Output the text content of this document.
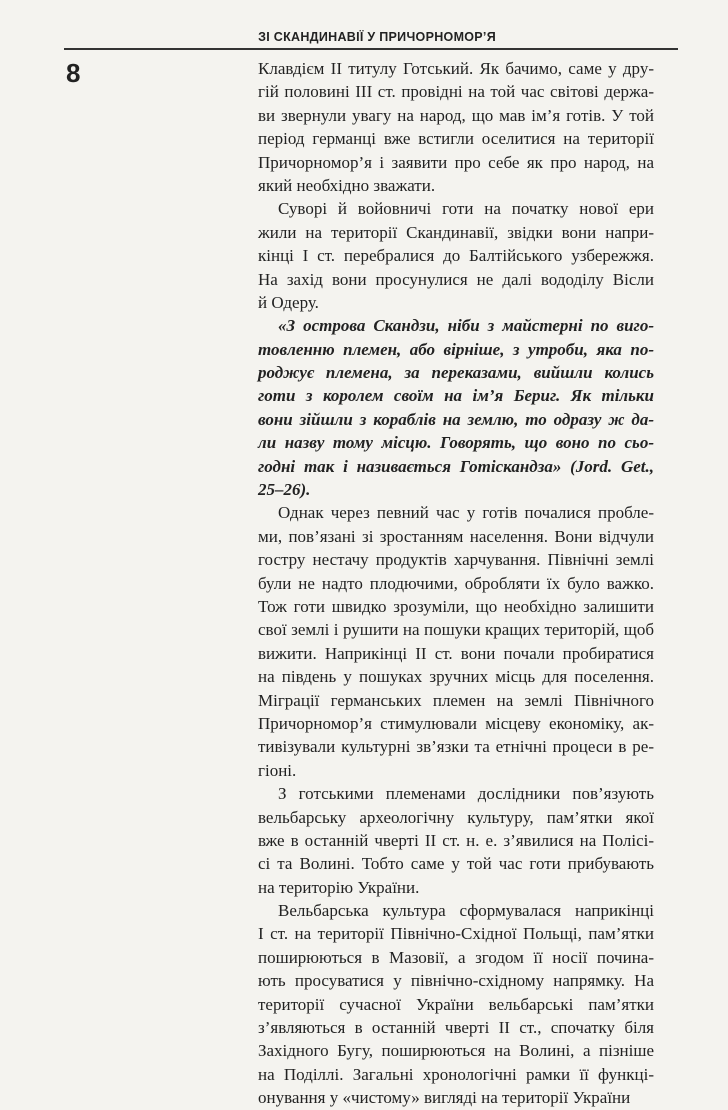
ЗІ СКАНДИНАВІЇ У ПРИЧОРНОМОР’Я
8	Клавдієм II титулу Готський. Як бачимо, саме у дру-
гій половині III ст. провідні на той час світові держа-
ви звернули увагу на народ, що мав ім’я готів. У той
період германці вже встигли оселитися на території
Причорномор’я і заявити про себе як про народ, на
який необхідно зважати.
Суворі й войовничі готи на початку нової ери
жили на території Скандинавії, звідки вони напри-
кінці I ст. перебралися до Балтійського узбережжя.
На захід вони просунулися не далі вододілу Вісли
й Одеру.
«З острова Скандзи, ніби з майстерні по виго-
товленню племен, або вірніше, з утроби, яка по-
роджує племена, за переказами, вийшли колись
готи з королем своїм на ім’я Бериг. Як тільки
вони зійшли з кораблів на землю, то одразу ж да-
ли назву тому місцю. Говорять, що воно по сьо-
годні так і називається Готіскандза» (Jord. Get.,
25–26).
Однак через певний час у готів почалися пробле-
ми, пов’язані зі зростанням населення. Вони відчули
гостру нестачу продуктів харчування. Північні землі
були не надто плодючими, обробляти їх було важко.
Тож готи швидко зрозуміли, що необхідно залишити
свої землі і рушити на пошуки кращих територій, щоб
вижити. Наприкінці II ст. вони почали пробиратися
на південь у пошуках зручних місць для поселення.
Міграції германських племен на землі Північного
Причорномор’я стимулювали місцеву економіку, ак-
тивізували культурні зв’язки та етнічні процеси в ре-
гіоні.
З готськими племенами дослідники пов’язують
вельбарську археологічну культуру, пам’ятки якої
вже в останній чверті II ст. н. е. з’явилися на Полісі-
сі та Волині. Тобто саме у той час готи прибувають
на територію України.
Вельбарська культура сформувалася наприкінці
I ст. на території Північно-Східної Польщі, пам’ятки
поширюються в Мазовії, а згодом її носії починa-
ють просуватися у північно-східному напрямку. На
території сучасної України вельбарські пам’ятки
з’являються в останній чверті II ст., спочатку біля
Західного Бугу, поширюються на Волині, а пізніше
на Поділлі. Загальні хронологічні рамки її функці-
онування у «чистому» вигляді на території України
